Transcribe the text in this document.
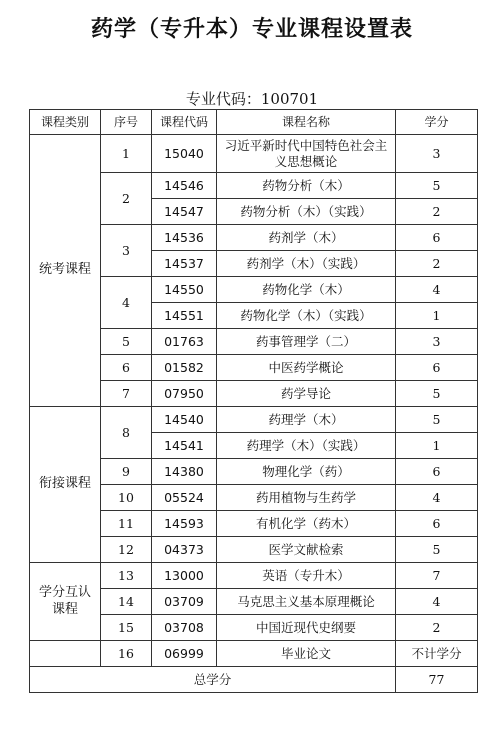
药学（专升本）专业课程设置表
专业代码：100701
课程类别	序号	课程代码	课程名称	学分
统考课程	1	15040	习近平新时代中国特色社会主义思想概论	3
	2	14546	药物分析（木）	5
		14547	药物分析（木）（实践）	2
	3	14536	药剂学（木）	6
		14537	药剂学（木）（实践）	2
	4	14550	药物化学（木）	4
		14551	药物化学（木）（实践）	1
	5	01763	药事管理学（二）	3
	6	01582	中医药学概论	6
	7	07950	药学导论	5
衔接课程	8	14540	药理学（木）	5
		14541	药理学（木）（实践）	1
	9	14380	物理化学（药）	6
	10	05524	药用植物与生药学	4
	11	14593	有机化学（药木）	6
	12	04373	医学文献检索	5
学分互认课程	13	13000	英语（专升木）	7
	14	03709	马克思主义基本原理概论	4
	15	03708	中国近现代史纲要	2
	16	06999	毕业论文	不计学分
总学分				77
